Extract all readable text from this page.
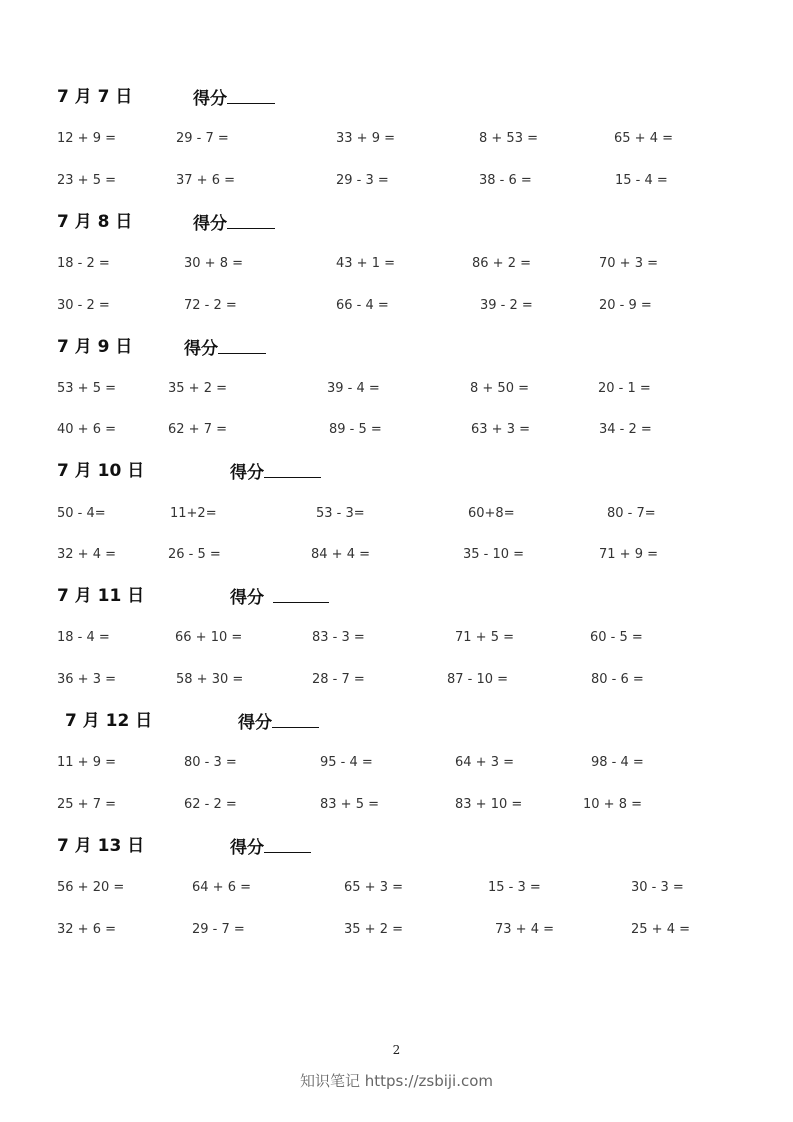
7 月 7 日	得分
12 + 9 =	29 - 7 =	33 + 9 =	8 + 53 =	65 + 4 =
23 + 5 =	37 + 6 =	29 - 3 =	38 - 6 =	15 - 4 =
7 月 8 日	得分
18 - 2 =	30 + 8 =	43 + 1 =	86 + 2 =	70 + 3 =
30 - 2 =	72 - 2 =	66 - 4 =	39 - 2 =	20 - 9 =
7 月 9 日	得分
53 + 5 =	35 + 2 =	39 - 4 =	8 + 50 =	20 - 1 =
40 + 6 =	62 + 7 =	89 - 5 =	63 + 3 =	34 - 2 =
7 月 10 日	得分
50 - 4=	11+2=	53 - 3=	60+8=	80 - 7=
32 + 4 =	26 - 5 =	84 + 4 =	35 - 10 =	71 + 9 =
7 月 11 日	得分
18 - 4 =	66 + 10 =	83 - 3 =	71 + 5 =	60 - 5 =
36 + 3 =	58 + 30 =	28 - 7 =	87 - 10 =	80 - 6 =
7 月 12 日	得分
11 + 9 =	80 - 3 =	95 - 4 =	64 + 3 =	98 - 4 =
25 + 7 =	62 - 2 =	83 + 5 =	83 + 10 =	10 + 8 =
7 月 13 日	得分
56 + 20 =	64 + 6 =	65 + 3 =	15 - 3 =	30 - 3 =
32 + 6 =	29 - 7 =	35 + 2 =	73 + 4 =	25 + 4 =
2
知识笔记 https://zsbiji.com
